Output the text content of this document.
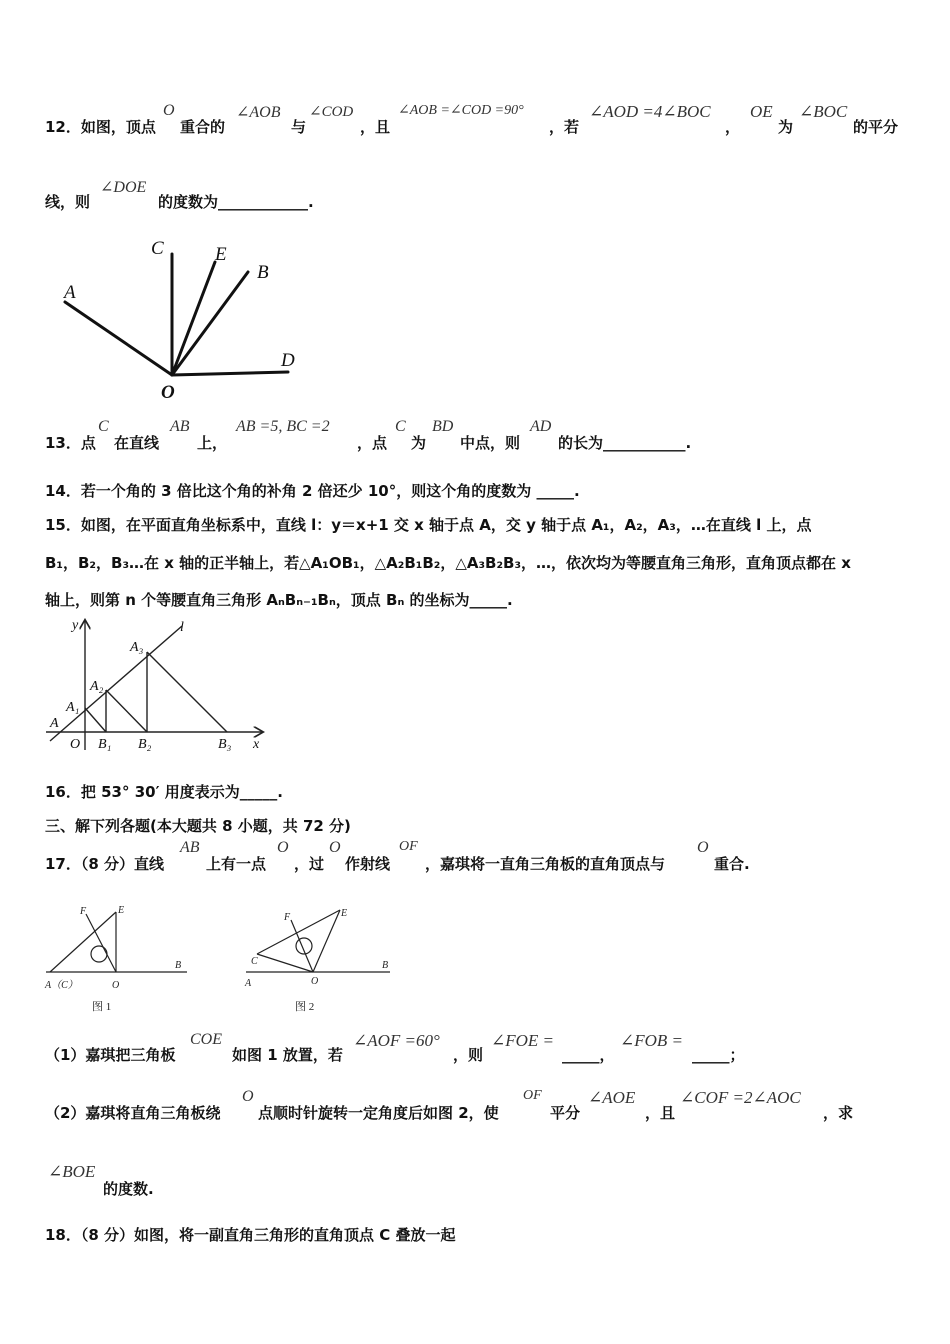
12．如图，顶点
O
重合的
∠AOB
与
∠COD
，且
∠AOB =∠COD =90°
，若
∠AOD =4∠BOC
，
OE
为
∠BOC
的平分
线，则
∠DOE
的度数为____________.
C	E
B
A
D
O
13．点
C
在直线
AB
上，
AB =5, BC =2
，点
C
为
BD
中点，则
AD
的长为___________.
14．若一个角的 3 倍比这个角的补角 2 倍还少 10°，则这个角的度数为 _____.
15．如图，在平面直角坐标系中，直线 l：y＝x+1 交 x 轴于点 A，交 y 轴于点 A₁，A₂，A₃，…在直线 l 上，点
B₁，B₂，B₃…在 x 轴的正半轴上，若△A₁OB₁，△A₂B₁B₂，△A₃B₂B₃，…，依次均为等腰直角三角形，直角顶点都在 x
轴上，则第 n 个等腰直角三角形 AₙBₙ₋₁Bₙ，顶点 Bₙ 的坐标为_____.
y	l
A₃
A₂
A₁
A
O B₁ B₂	B₃ x
16．把 53° 30′ 用度表示为_____.
三、解下列各题(本大题共 8 小题，共 72 分)
17．（8 分）直线
AB
上有一点
O
，过
O
作射线
OF
，嘉琪将一直角三角板的直角顶点与
O
重合.
F	E
A（C）	O
B
图 1
F	E
C
A	O
B
图 2
（1）嘉琪把三角板
COE
如图 1 放置，若
∠AOF =60°
，则
∠FOE =
_____，
∠FOB =
_____；
（2）嘉琪将直角三角板绕
O
点顺时针旋转一定角度后如图 2，使
OF
平分
∠AOE
，且
∠COF =2∠AOC
，求
∠BOE
的度数.
18．（8 分）如图，将一副直角三角形的直角顶点 C 叠放一起
